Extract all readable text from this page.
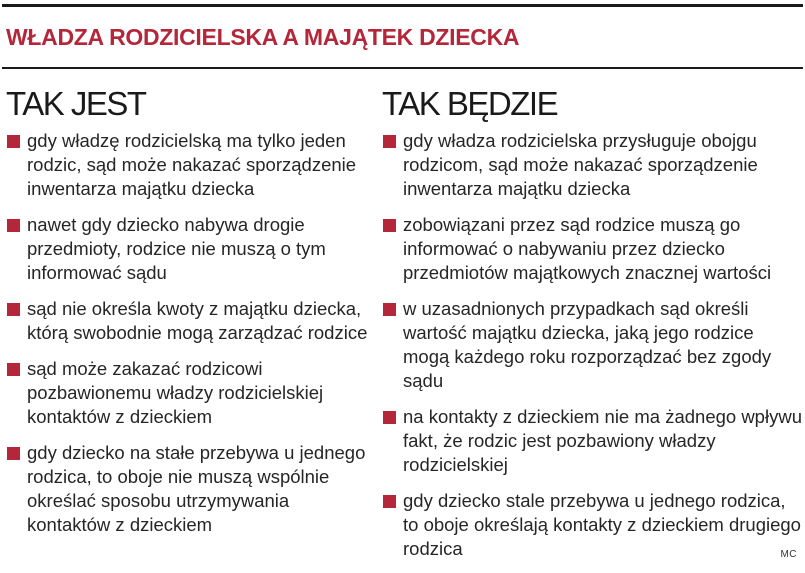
WŁADZA RODZICIELSKA A MAJĄTEK DZIECKA
TAK JEST
gdy władzę rodzicielską ma tylko jeden rodzic, sąd może nakazać sporządzenie inwentarza majątku dziecka
nawet gdy dziecko nabywa drogie przedmioty, rodzice nie muszą o tym informować sądu
sąd nie określa kwoty z majątku dziecka, którą swobodnie mogą zarządzać rodzice
sąd może zakazać rodzicowi pozbawionemu władzy rodzicielskiej kontaktów z dzieckiem
gdy dziecko na stałe przebywa u jednego rodzica, to oboje nie muszą wspólnie określać sposobu utrzymywania kontaktów z dzieckiem
TAK BĘDZIE
gdy władza rodzicielska przysługuje obojgu rodzicom, sąd może nakazać sporządzenie inwentarza majątku dziecka
zobowiązani przez sąd rodzice muszą go informować o nabywaniu przez dziecko przedmiotów majątkowych znacznej wartości
w uzasadnionych przypadkach sąd określi wartość majątku dziecka, jaką jego rodzice mogą każdego roku rozporządzać bez zgody sądu
na kontakty z dzieckiem nie ma żadnego wpływu fakt, że rodzic jest pozbawiony władzy rodzicielskiej
gdy dziecko stale przebywa u jednego rodzica, to oboje określają kontakty z dzieckiem drugiego rodzica	MC
